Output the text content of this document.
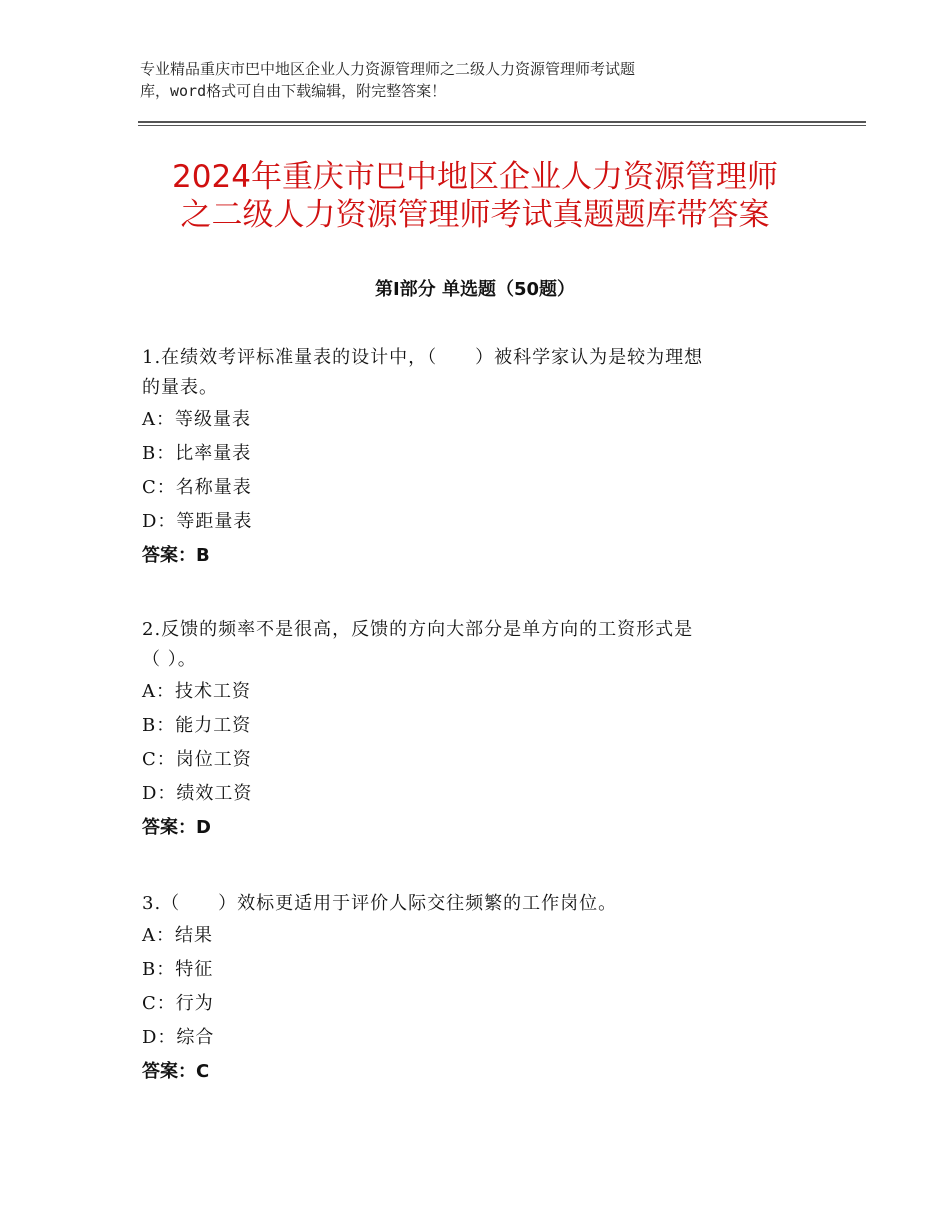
专业精品重庆市巴中地区企业人力资源管理师之二级人力资源管理师考试题
库，word格式可自由下载编辑，附完整答案！
2024年重庆市巴中地区企业人力资源管理师
之二级人力资源管理师考试真题题库带答案
第Ⅰ部分 单选题（50题）
1.在绩效考评标准量表的设计中，（　　）被科学家认为是较为理想
的量表。
A：等级量表
B：比率量表
C：名称量表
D：等距量表
答案：B
2.反馈的频率不是很高，反馈的方向大部分是单方向的工资形式是
（ ）。
A：技术工资
B：能力工资
C：岗位工资
D：绩效工资
答案：D
3.（　　）效标更适用于评价人际交往频繁的工作岗位。
A：结果
B：特征
C：行为
D：综合
答案：C
